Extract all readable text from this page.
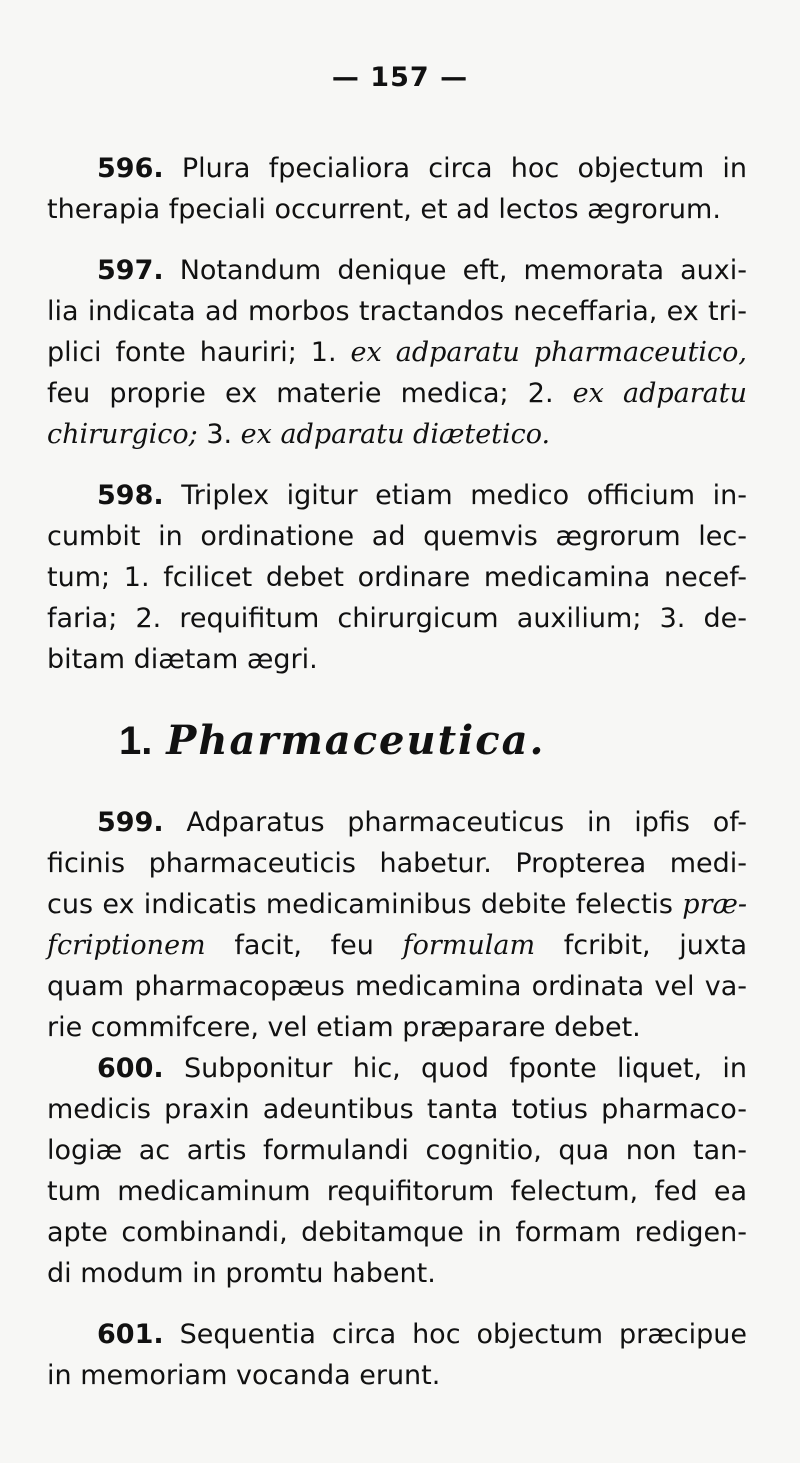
— 157 —
596. Plura fpecialiora circa hoc objectum in
therapia fpeciali occurrent, et ad lectos ægrorum.
597. Notandum denique eft, memorata auxi-
lia indicata ad morbos tractandos neceffaria, ex tri-
plici fonte hauriri; 1. ex adparatu pharmaceutico,
feu proprie ex materie medica; 2. ex adparatu
chirurgico; 3. ex adparatu diætetico.
598. Triplex igitur etiam medico officium in-
cumbit in ordinatione ad quemvis ægrorum lec-
tum; 1. fcilicet debet ordinare medicamina necef-
faria; 2. requifitum chirurgicum auxilium; 3. de-
bitam diætam ægri.
1. Pharmaceutica.
599. Adparatus pharmaceuticus in ipfis of-
ficinis pharmaceuticis habetur. Propterea medi-
cus ex indicatis medicaminibus debite felectis præ-
fcriptionem facit, feu formulam fcribit, juxta
quam pharmacopæus medicamina ordinata vel va-
rie commifcere, vel etiam præparare debet.
600. Subponitur hic, quod fponte liquet, in
medicis praxin adeuntibus tanta totius pharmaco-
logiæ ac artis formulandi cognitio, qua non tan-
tum medicaminum requifitorum felectum, fed ea
apte combinandi, debitamque in formam redigen-
di modum in promtu habent.
601. Sequentia circa hoc objectum præcipue
in memoriam vocanda erunt.
